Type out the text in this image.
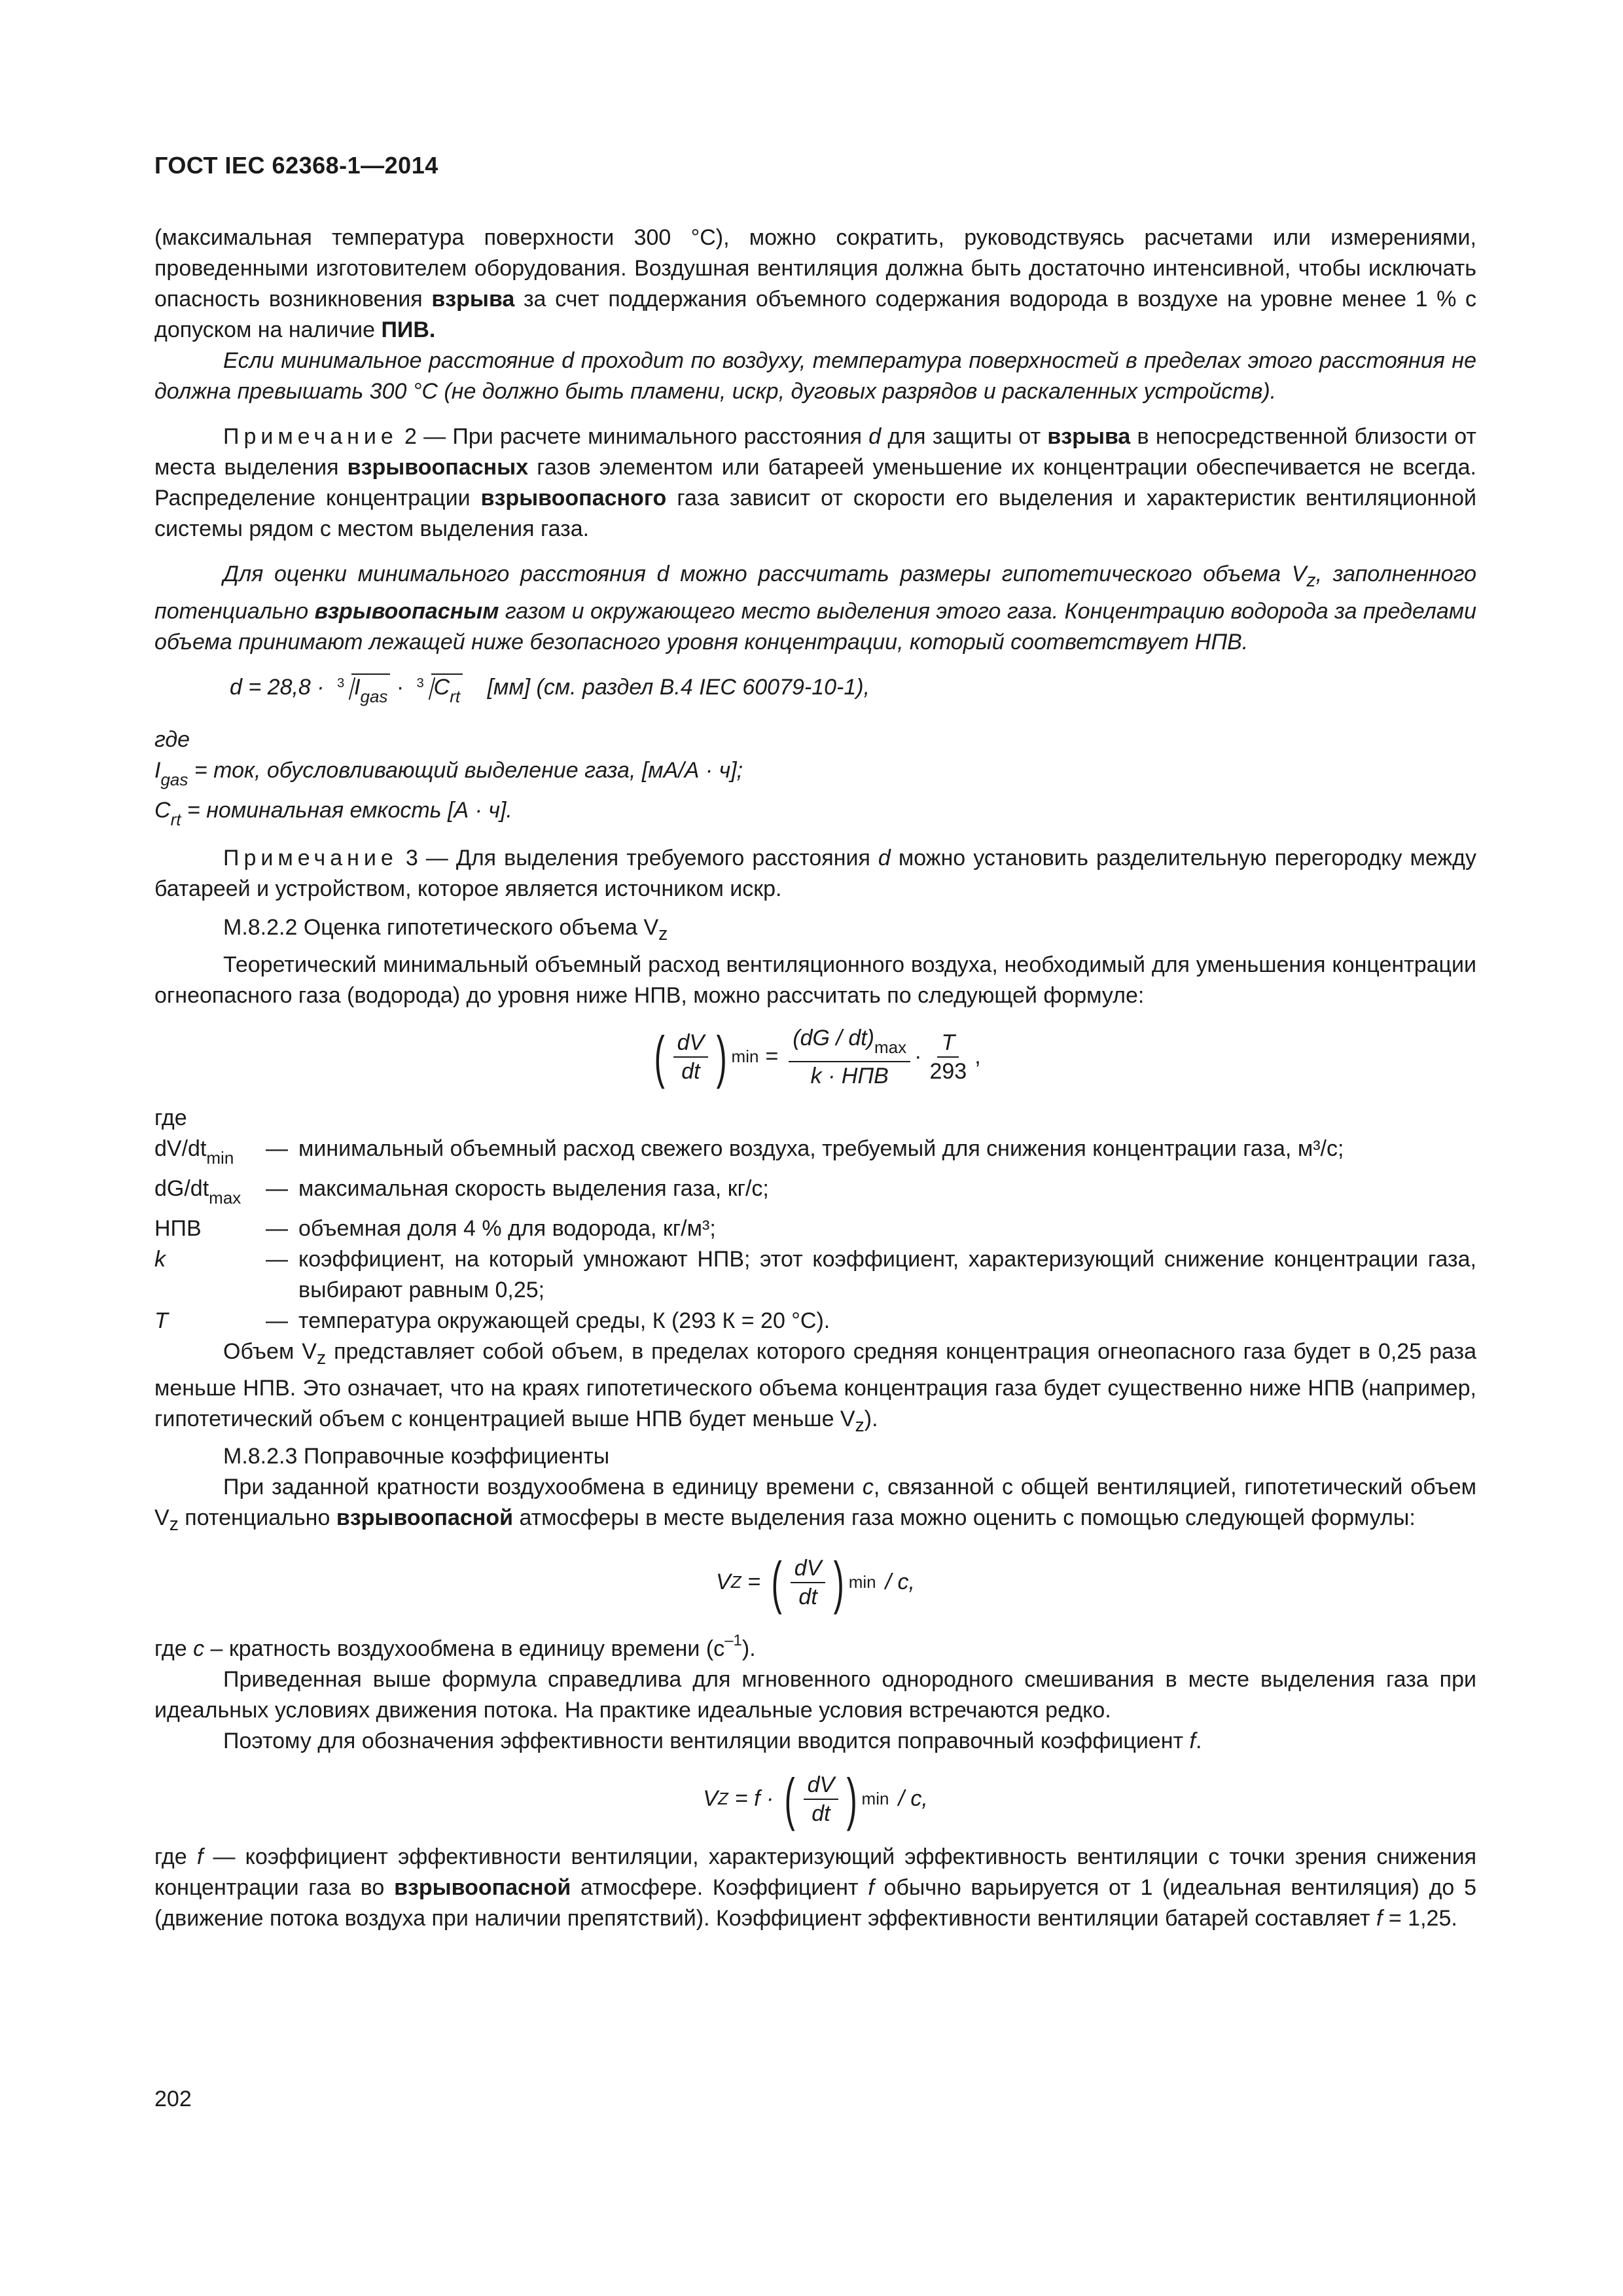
ГОСТ IEC 62368-1—2014

(максимальная температура поверхности 300 °C), можно сократить, руководствуясь расчетами или измерениями, проведенными изготовителем оборудования. Воздушная вентиляция должна быть достаточно интенсивной, чтобы исключать опасность возникновения взрыва за счет поддержания объемного содержания водорода в воздухе на уровне менее 1 % с допуском на наличие ПИВ.

Если минимальное расстояние d проходит по воздуху, температура поверхностей в пределах этого расстояния не должна превышать 300 °С (не должно быть пламени, искр, дуговых разрядов и раскаленных устройств).

Примечание 2 — При расчете минимального расстояния d для защиты от взрыва в непосредственной близости от места выделения взрывоопасных газов элементом или батареей уменьшение их концентрации обеспечивается не всегда. Распределение концентрации взрывоопасного газа зависит от скорости его выделения и характеристик вентиляционной системы рядом с местом выделения газа.

Для оценки минимального расстояния d можно рассчитать размеры гипотетического объема $V_z$, заполненного потенциально взрывоопасным газом и окружающего место выделения этого газа. Концентрацию водорода за пределами объема принимают лежащей ниже безопасного уровня концентрации, который соответствует НПВ.

d = 28,8 · 3 $I_{gas} \cdot 3$ $C_{rt}$ [мм] (см. раздел B.4 IEC 60079-10-1),

где

$I_{gas}$ = ток, обусловливающий выделение газа, [мА/А · ч];

$C_{rt}$ = номинальная емкость [А · ч].

Примечание 3 — Для выделения требуемого расстояния d можно установить разделительную перегородку между батареей и устройством, которое является источником искр.

M.8.2.2 Оценка гипотетического объема $V_z$

Теоретический минимальный объемный расход вентиляционного воздуха, необходимый для уменьшения концентрации огнеопасного газа (водорода) до уровня ниже НПВ, можно рассчитать по следующей формуле:

( $\frac{dV}{dt}$ ) $\min = \frac{(dG / dt)_{max}}{\text{k · НПВ}} \cdot \frac{T}{293}$ ,

где

$dV/dt_{min}$	— минимальный объемный расход свежего воздуха, требуемый для снижения концентрации газа, м³/с;
$dG/dt_{max}$	— максимальная скорость выделения газа, кг/с;
НПВ	— объемная доля 4 % для водорода, кг/м³;
k	— коэффициент, на который умножают НПВ; этот коэффициент, характеризующий снижение концентрации газа, выбирают равным 0,25;
T	— температура окружающей среды, К (293 К = 20 °С).

Объем $V_z$ представляет собой объем, в пределах которого средняя концентрация огнеопасного газа будет в 0,25 раза меньше НПВ. Это означает, что на краях гипотетического объема концентрация газа будет существенно ниже НПВ (например, гипотетический объем с концентрацией выше НПВ будет меньше $V_z$).

M.8.2.3 Поправочные коэффициенты

При заданной кратности воздухообмена в единицу времени c, связанной с общей вентиляцией, гипотетический объем $V_z$ потенциально взрывоопасной атмосферы в месте выделения газа можно оценить с помощью следующей формулы:

V Z = ( $\frac{dV}{dt}$ ) min / c,

где c – кратность воздухообмена в единицу времени $(с^{-1})$.

Приведенная выше формула справедлива для мгновенного однородного смешивания в месте выделения газа при идеальных условиях движения потока. На практике идеальные условия встречаются редко.

Поэтому для обозначения эффективности вентиляции вводится поправочный коэффициент f.

V Z = f · ( $\frac{dV}{dt}$ ) min / c,

где f — коэффициент эффективности вентиляции, характеризующий эффективность вентиляции с точки зрения снижения концентрации газа во взрывоопасной атмосфере. Коэффициент f обычно варьируется от 1 (идеальная вентиляция) до 5 (движение потока воздуха при наличии препятствий). Коэффициент эффективности вентиляции батарей составляет f = 1,25.

202
